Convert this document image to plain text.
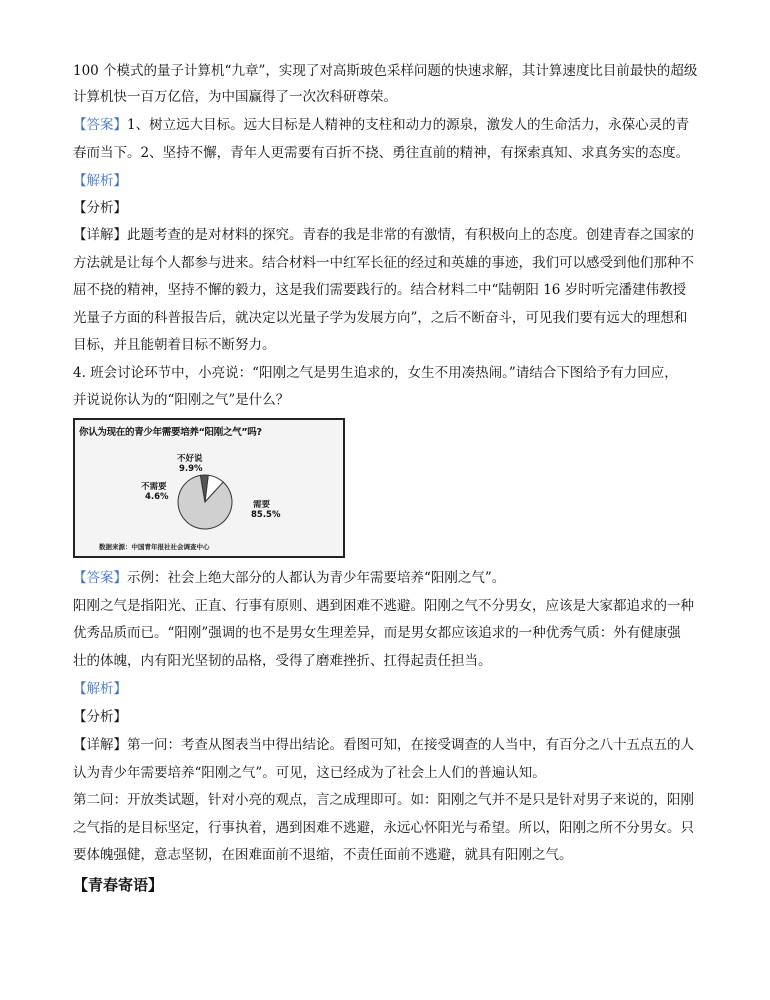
100 个模式的量子计算机“九章”，实现了对高斯玻色采样问题的快速求解，其计算速度比目前最快的超级
计算机快一百万亿倍，为中国赢得了一次次科研尊荣。
【答案】1、树立远大目标。远大目标是人精神的支柱和动力的源泉，激发人的生命活力，永葆心灵的青
春而当下。2、坚持不懈，青年人更需要有百折不挠、勇往直前的精神，有探索真知、求真务实的态度。
【解析】
【分析】
【详解】此题考查的是对材料的探究。青春的我是非常的有激情，有积极向上的态度。创建青春之国家的
方法就是让每个人都参与进来。结合材料一中红军长征的经过和英雄的事迹，我们可以感受到他们那种不
屈不挠的精神，坚持不懈的毅力，这是我们需要践行的。结合材料二中“陆朝阳 16 岁时听完潘建伟教授
光量子方面的科普报告后，就决定以光量子学为发展方向”，之后不断奋斗，可见我们要有远大的理想和
目标，并且能朝着目标不断努力。
4. 班会讨论环节中，小亮说：“阳刚之气是男生追求的，女生不用凑热闹。”请结合下图给予有力回应，
并说说你认为的“阳刚之气”是什么？
你认为现在的青少年需要培养“阳刚之气”吗?
不好说
9.9%
不需要
4.6%
需要
85.5%
数据来源：中国青年报社社会调查中心
【答案】示例：社会上绝大部分的人都认为青少年需要培养“阳刚之气”。
阳刚之气是指阳光、正直、行事有原则、遇到困难不逃避。阳刚之气不分男女，应该是大家都追求的一种
优秀品质而已。“阳刚”强调的也不是男女生理差异，而是男女都应该追求的一种优秀气质：外有健康强
壮的体魄，内有阳光坚韧的品格，受得了磨难挫折、扛得起责任担当。
【解析】
【分析】
【详解】第一问：考查从图表当中得出结论。看图可知，在接受调查的人当中，有百分之八十五点五的人
认为青少年需要培养“阳刚之气”。可见，这已经成为了社会上人们的普遍认知。
第二问：开放类试题，针对小亮的观点，言之成理即可。如：阳刚之气并不是只是针对男子来说的，阳刚
之气指的是目标坚定，行事执着，遇到困难不逃避，永远心怀阳光与希望。所以，阳刚之所不分男女。只
要体魄强健，意志坚韧，在困难面前不退缩，不责任面前不逃避，就具有阳刚之气。
【青春寄语】
